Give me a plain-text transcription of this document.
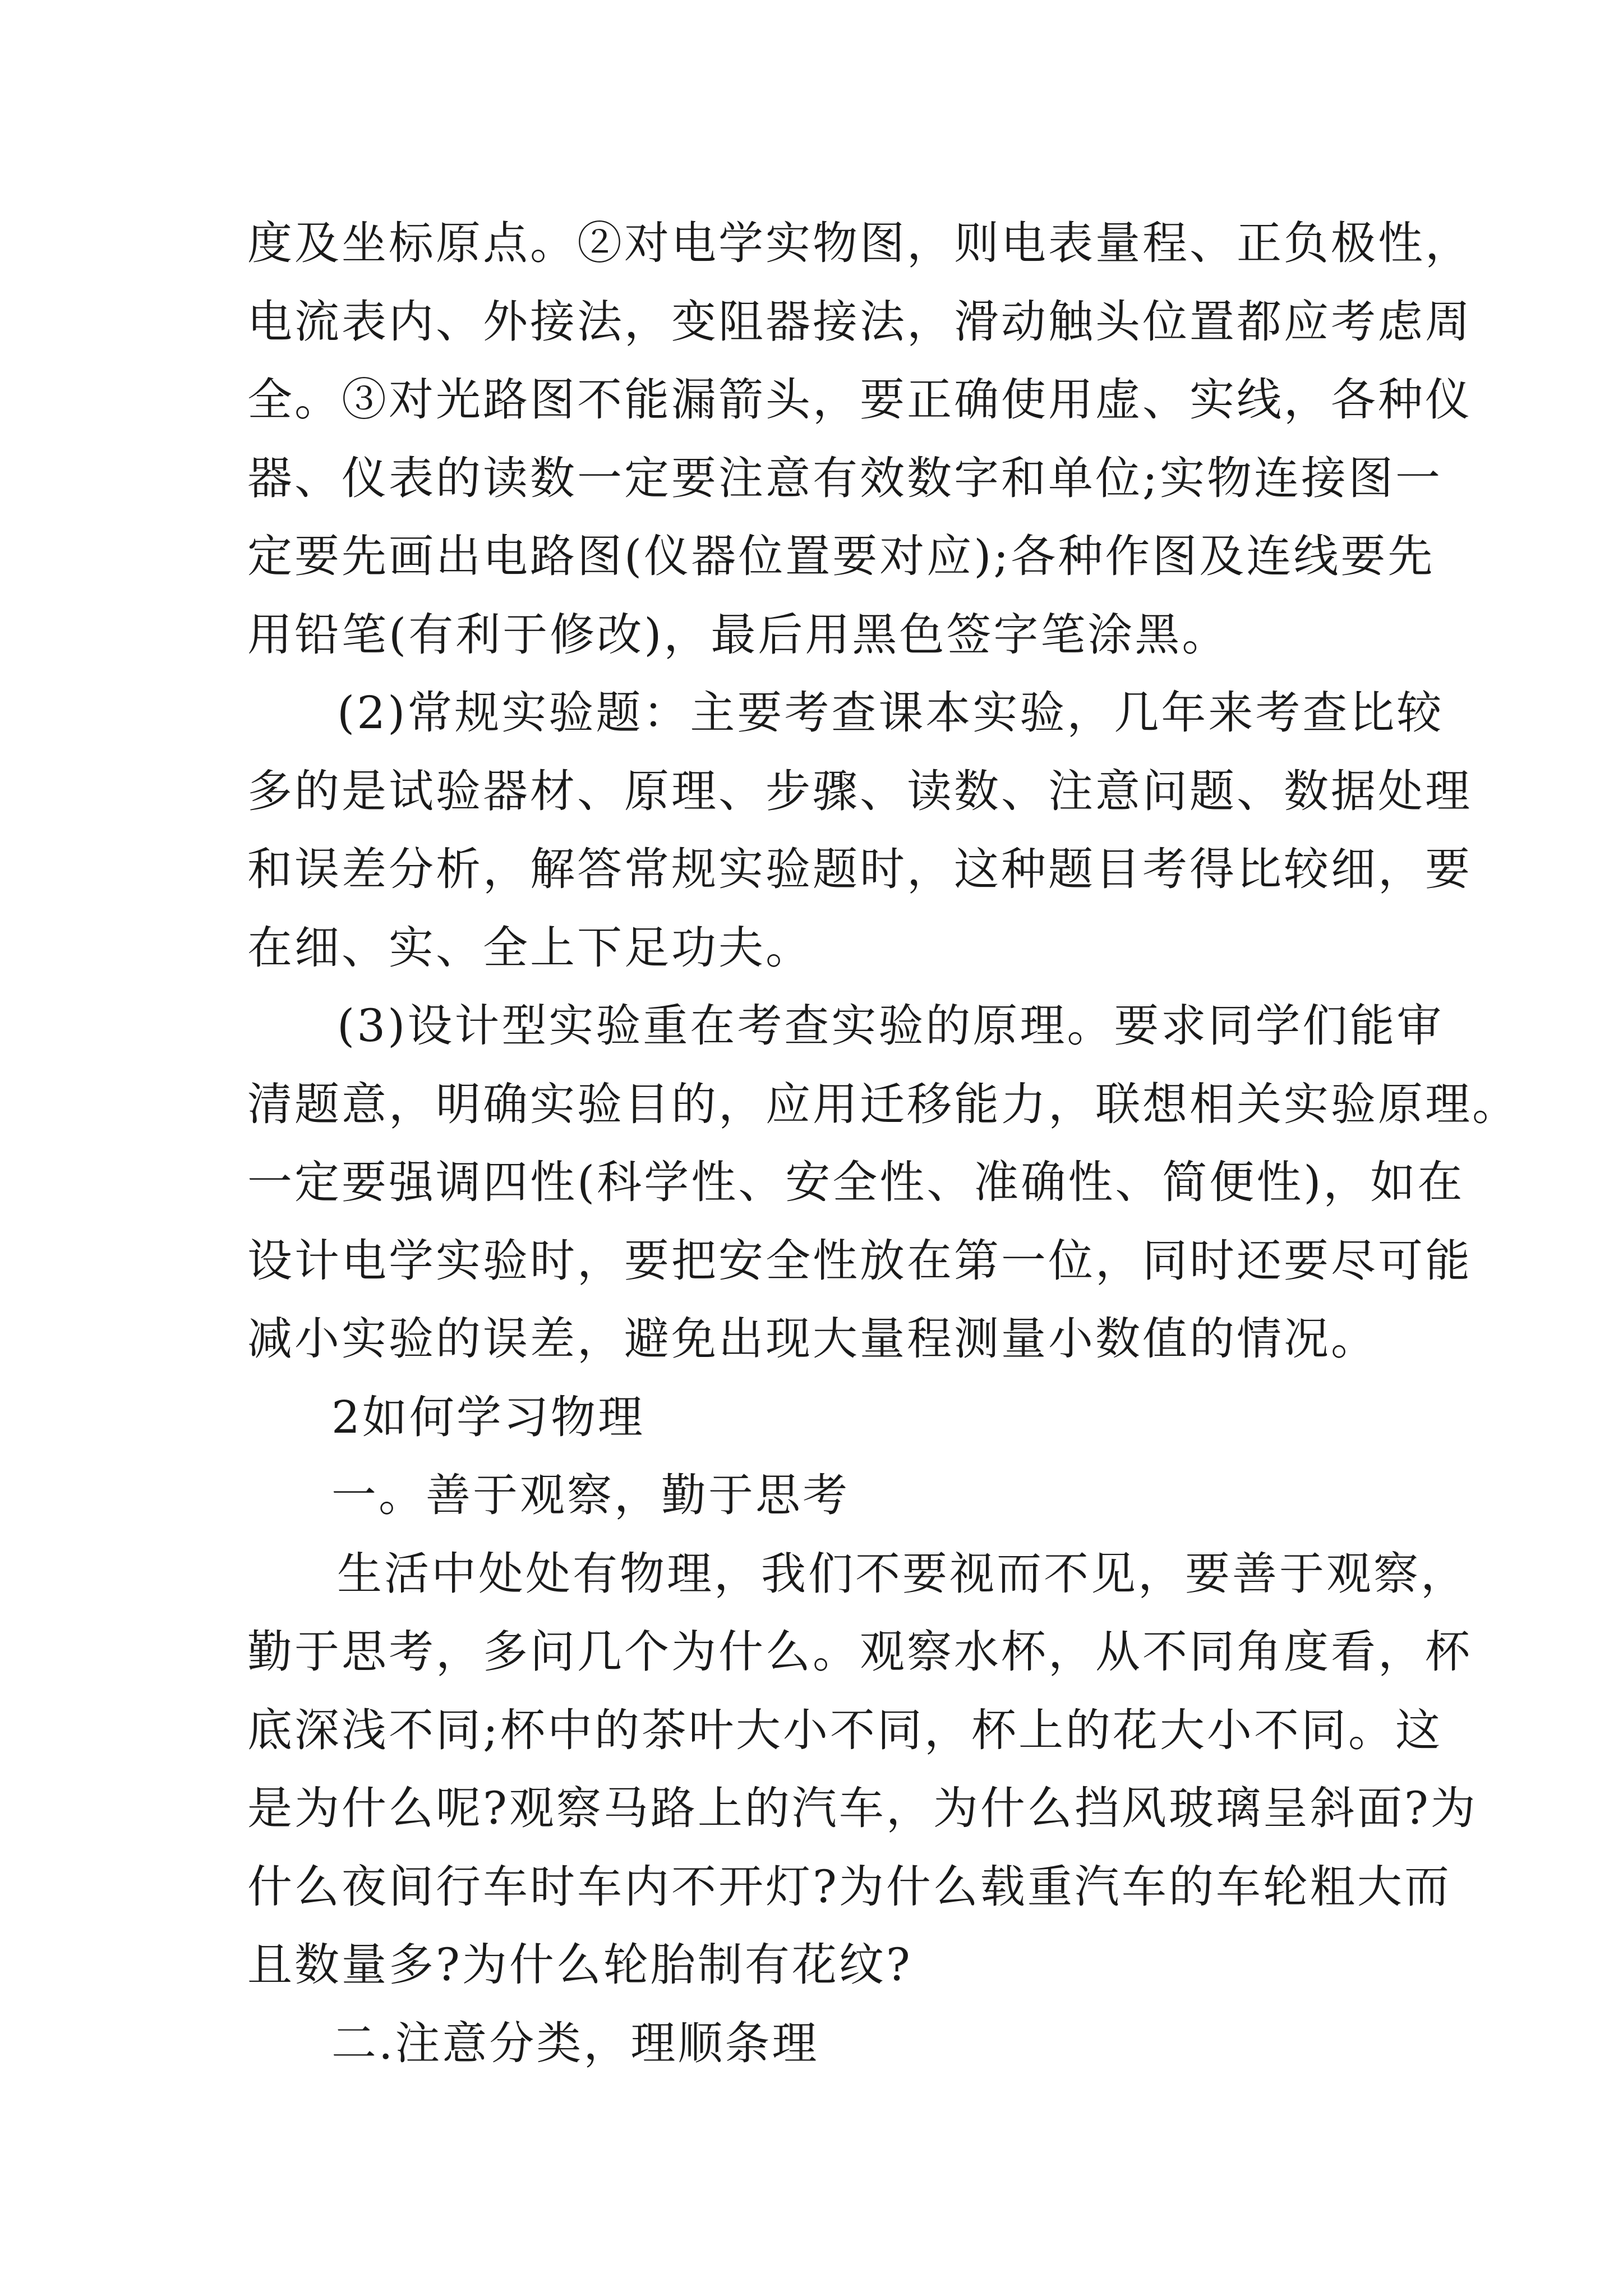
度及坐标原点。②对电学实物图，则电表量程、正负极性，
电流表内、外接法，变阻器接法，滑动触头位置都应考虑周
全。③对光路图不能漏箭头，要正确使用虚、实线，各种仪
器、仪表的读数一定要注意有效数字和单位;实物连接图一
定要先画出电路图(仪器位置要对应);各种作图及连线要先
用铅笔(有利于修改)，最后用黑色签字笔涂黑。
(2)常规实验题：主要考查课本实验，几年来考查比较
多的是试验器材、原理、步骤、读数、注意问题、数据处理
和误差分析，解答常规实验题时，这种题目考得比较细，要
在细、实、全上下足功夫。
(3)设计型实验重在考查实验的原理。要求同学们能审
清题意，明确实验目的，应用迁移能力，联想相关实验原理。
一定要强调四性(科学性、安全性、准确性、简便性)，如在
设计电学实验时，要把安全性放在第一位，同时还要尽可能
减小实验的误差，避免出现大量程测量小数值的情况。
2如何学习物理
一。善于观察，勤于思考
生活中处处有物理，我们不要视而不见，要善于观察，
勤于思考，多问几个为什么。观察水杯，从不同角度看，杯
底深浅不同;杯中的茶叶大小不同，杯上的花大小不同。这
是为什么呢?观察马路上的汽车，为什么挡风玻璃呈斜面?为
什么夜间行车时车内不开灯?为什么载重汽车的车轮粗大而
且数量多?为什么轮胎制有花纹?
二.注意分类，理顺条理
